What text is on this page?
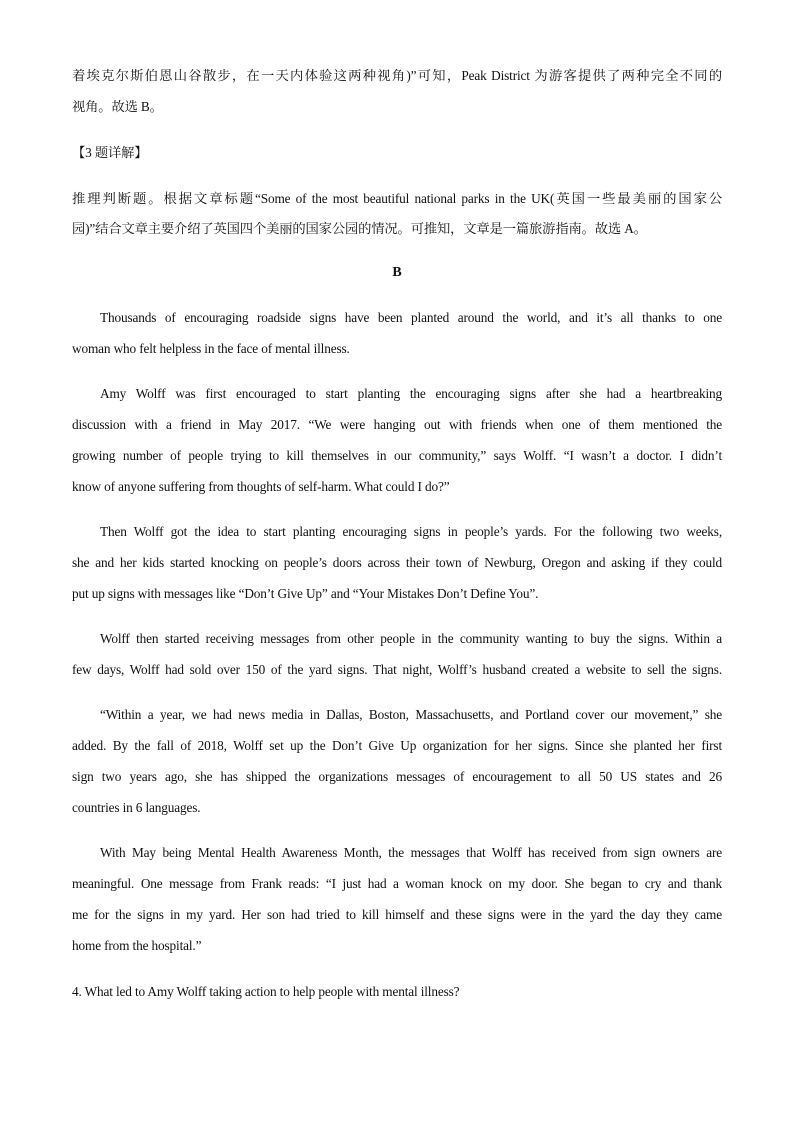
着埃克尔斯伯恩山谷散步，在一天内体验这两种视角)”可知，Peak District 为游客提供了两种完全不同的
视角。故选 B。
【3 题详解】
推理判断题。根据文章标题“Some of the most beautiful national parks in the UK(英国一些最美丽的国家公
园)”结合文章主要介绍了英国四个美丽的国家公园的情况。可推知，文章是一篇旅游指南。故选 A。
B
Thousands of encouraging roadside signs have been planted around the world, and it’s all thanks to one
woman who felt helpless in the face of mental illness.
Amy Wolff was first encouraged to start planting the encouraging signs after she had a heartbreaking
discussion with a friend in May 2017. “We were hanging out with friends when one of them mentioned the
growing number of people trying to kill themselves in our community,” says Wolff. “I wasn’t a doctor. I didn’t
know of anyone suffering from thoughts of self-harm. What could I do?”
Then Wolff got the idea to start planting encouraging signs in people’s yards. For the following two weeks,
she and her kids started knocking on people’s doors across their town of Newburg, Oregon and asking if they could
put up signs with messages like “Don’t Give Up” and “Your Mistakes Don’t Define You”.
Wolff then started receiving messages from other people in the community wanting to buy the signs. Within a
few days, Wolff had sold over 150 of the yard signs. That night, Wolff’s husband created a website to sell the signs.
“Within a year, we had news media in Dallas, Boston, Massachusetts, and Portland cover our movement,” she
added. By the fall of 2018, Wolff set up the Don’t Give Up organization for her signs. Since she planted her first
sign two years ago, she has shipped the organizations messages of encouragement to all 50 US states and 26
countries in 6 languages.
With May being Mental Health Awareness Month, the messages that Wolff has received from sign owners are
meaningful. One message from Frank reads: “I just had a woman knock on my door. She began to cry and thank
me for the signs in my yard. Her son had tried to kill himself and these signs were in the yard the day they came
home from the hospital.”
4. What led to Amy Wolff taking action to help people with mental illness?
